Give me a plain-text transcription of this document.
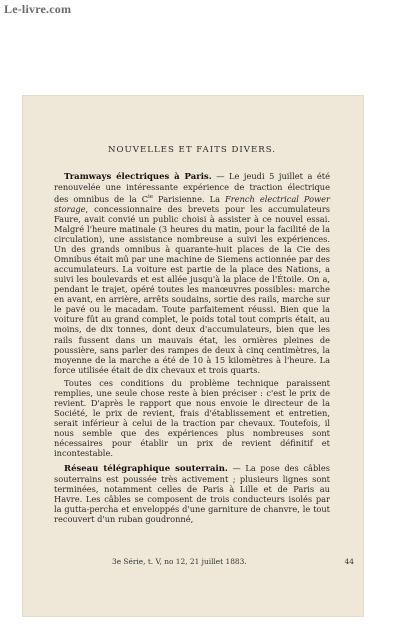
Le-livre.com
NOUVELLES ET FAITS DIVERS.

Tramways électriques à Paris. — Le jeudi 5 juillet a été renouvelée une intéressante expérience de traction électrique des omnibus de la $C^{ie}$ Parisienne. La French electrical Power storage, concessionnaire des brevets pour les accumulateurs Faure, avait convié un public choisi à assister à ce nouvel essai. Malgré l'heure matinale (3 heures du matin, pour la facilité de la circulation), une assistance nombreuse a suivi les expériences. Un des grands omnibus à quarante-huit places de la Cie des Omnibus était mû par une machine de Siemens actionnée par des accumulateurs. La voiture est partie de la place des Nations, a suivi les boulevards et est allée jusqu'à la place de l'Étoile. On a, pendant le trajet, opéré toutes les manœuvres possibles: marche en avant, en arrière, arrêts soudains, sortie des rails, marche sur le pavé ou le macadam. Toute parfaitement réussi. Bien que la voiture fût au grand complet, le poids total tout compris était, au moins, de dix tonnes, dont deux d'accumulateurs, bien que les rails fussent dans un mauvais état, les ornières pleines de poussière, sans parler des rampes de deux à cinq centimètres, la moyenne de la marche a été de 10 à 15 kilomètres à l'heure. La force utilisée était de dix chevaux et trois quarts.

Toutes ces conditions du problème technique paraissent remplies, une seule chose reste à bien préciser : c'est le prix de revient. D'après le rapport que nous envoie le directeur de la Société, le prix de revient, frais d'établissement et entretien, serait inférieur à celui de la traction par chevaux. Toutefois, il nous semble que des expériences plus nombreuses sont nécessaires pour établir un prix de revient définitif et incontestable.

Réseau télégraphique souterrain. — La pose des câbles souterrains est poussée très activement ; plusieurs lignes sont terminées, notamment celles de Paris à Lille et de Paris au Havre. Les câbles se composent de trois conducteurs isolés par la gutta-percha et enveloppés d'une garniture de chanvre, le tout recouvert d'un ruban goudronné,

3e Série, t. V, no 12, 21 juillet 1883.	44
